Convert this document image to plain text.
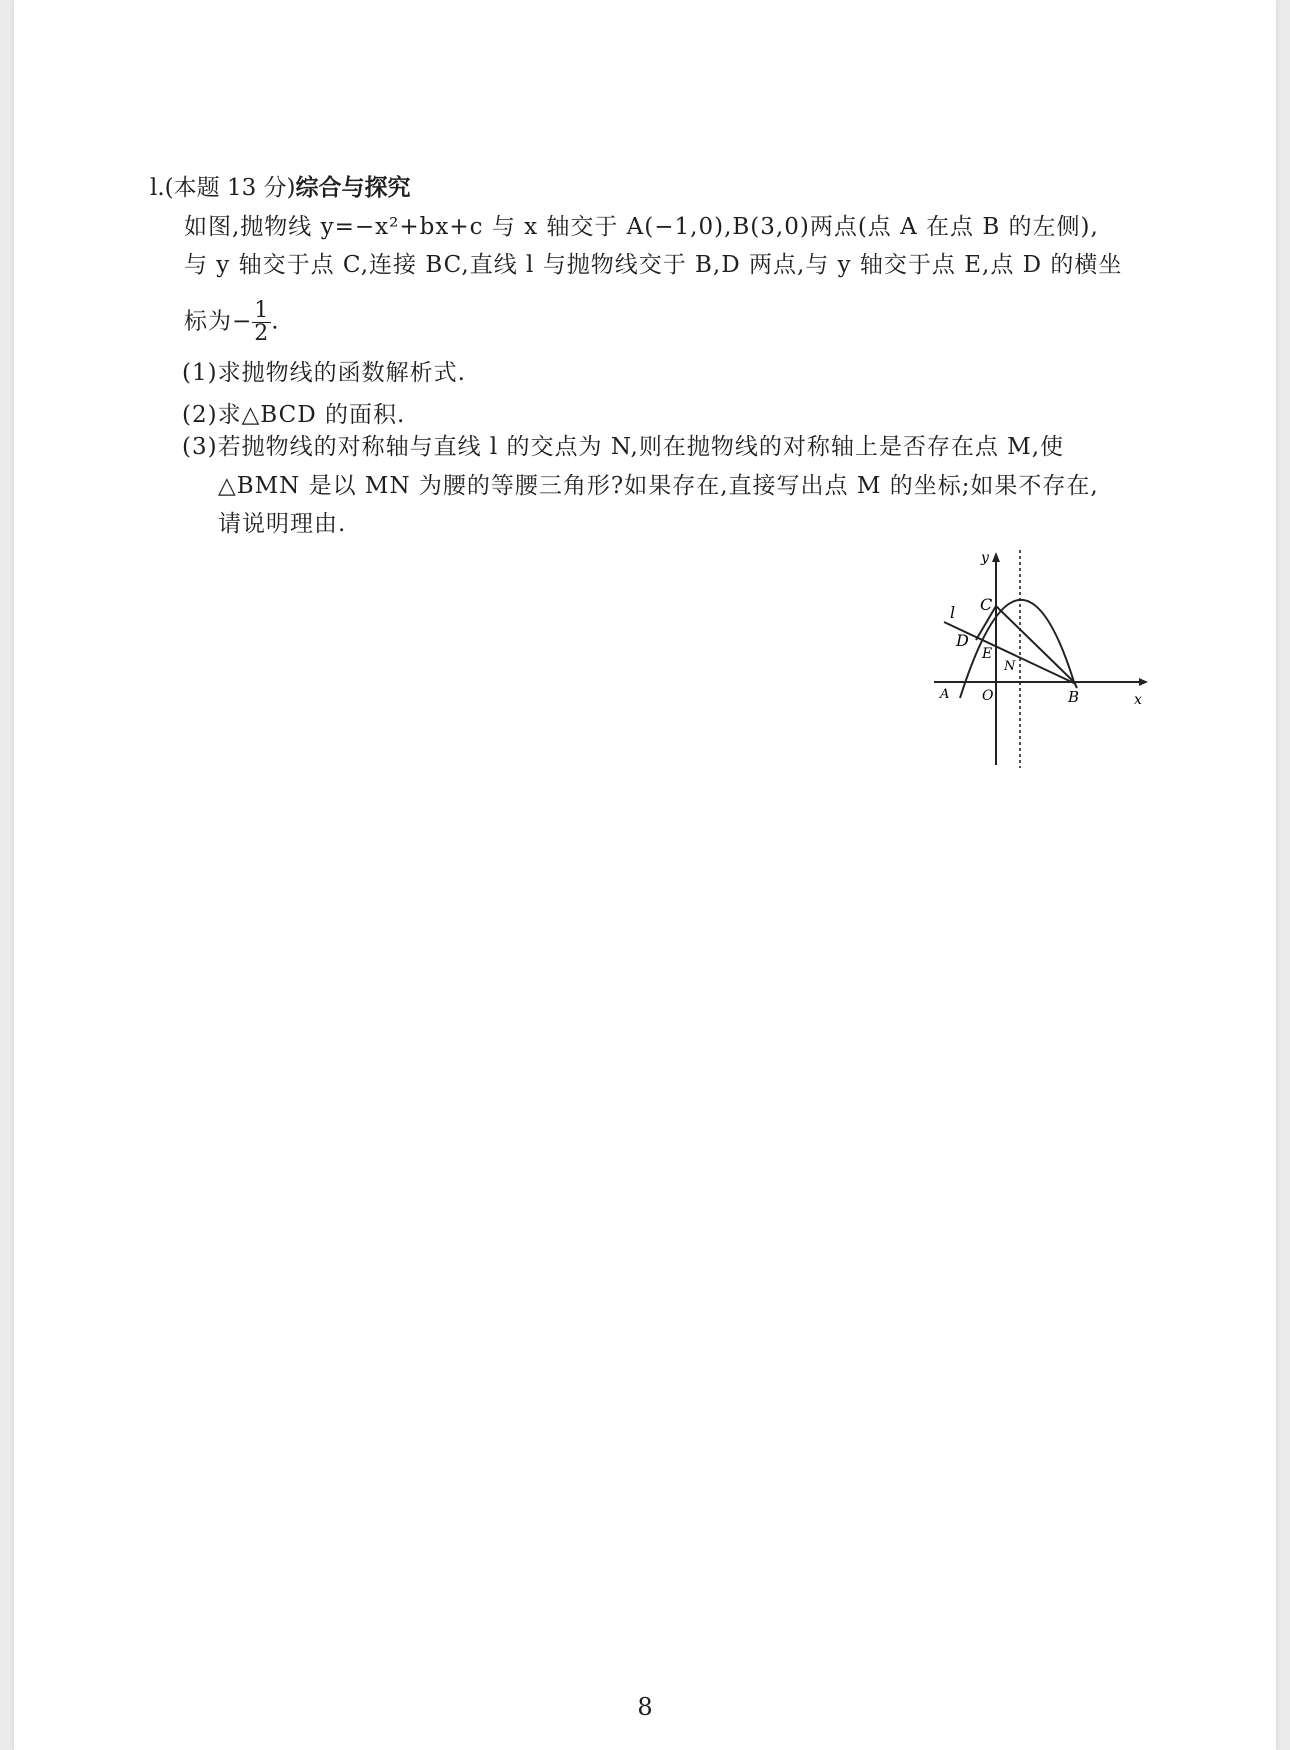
l.(本题 13 分)综合与探究
如图,抛物线 y=−x²+bx+c 与 x 轴交于 A(−1,0),B(3,0)两点(点 A 在点 B 的左侧),
与 y 轴交于点 C,连接 BC,直线 l 与抛物线交于 B,D 两点,与 y 轴交于点 E,点 D 的横坐
标为− $\frac{1}{2}$ .
(1)求抛物线的函数解析式.
(2)求△BCD 的面积.
(3)若抛物线的对称轴与直线 l 的交点为 N,则在抛物线的对称轴上是否存在点 M,使
△BMN 是以 MN 为腰的等腰三角形?如果存在,直接写出点 M 的坐标;如果不存在,
请说明理由.
y
x
C
l
D
E
N
A O	B
8
